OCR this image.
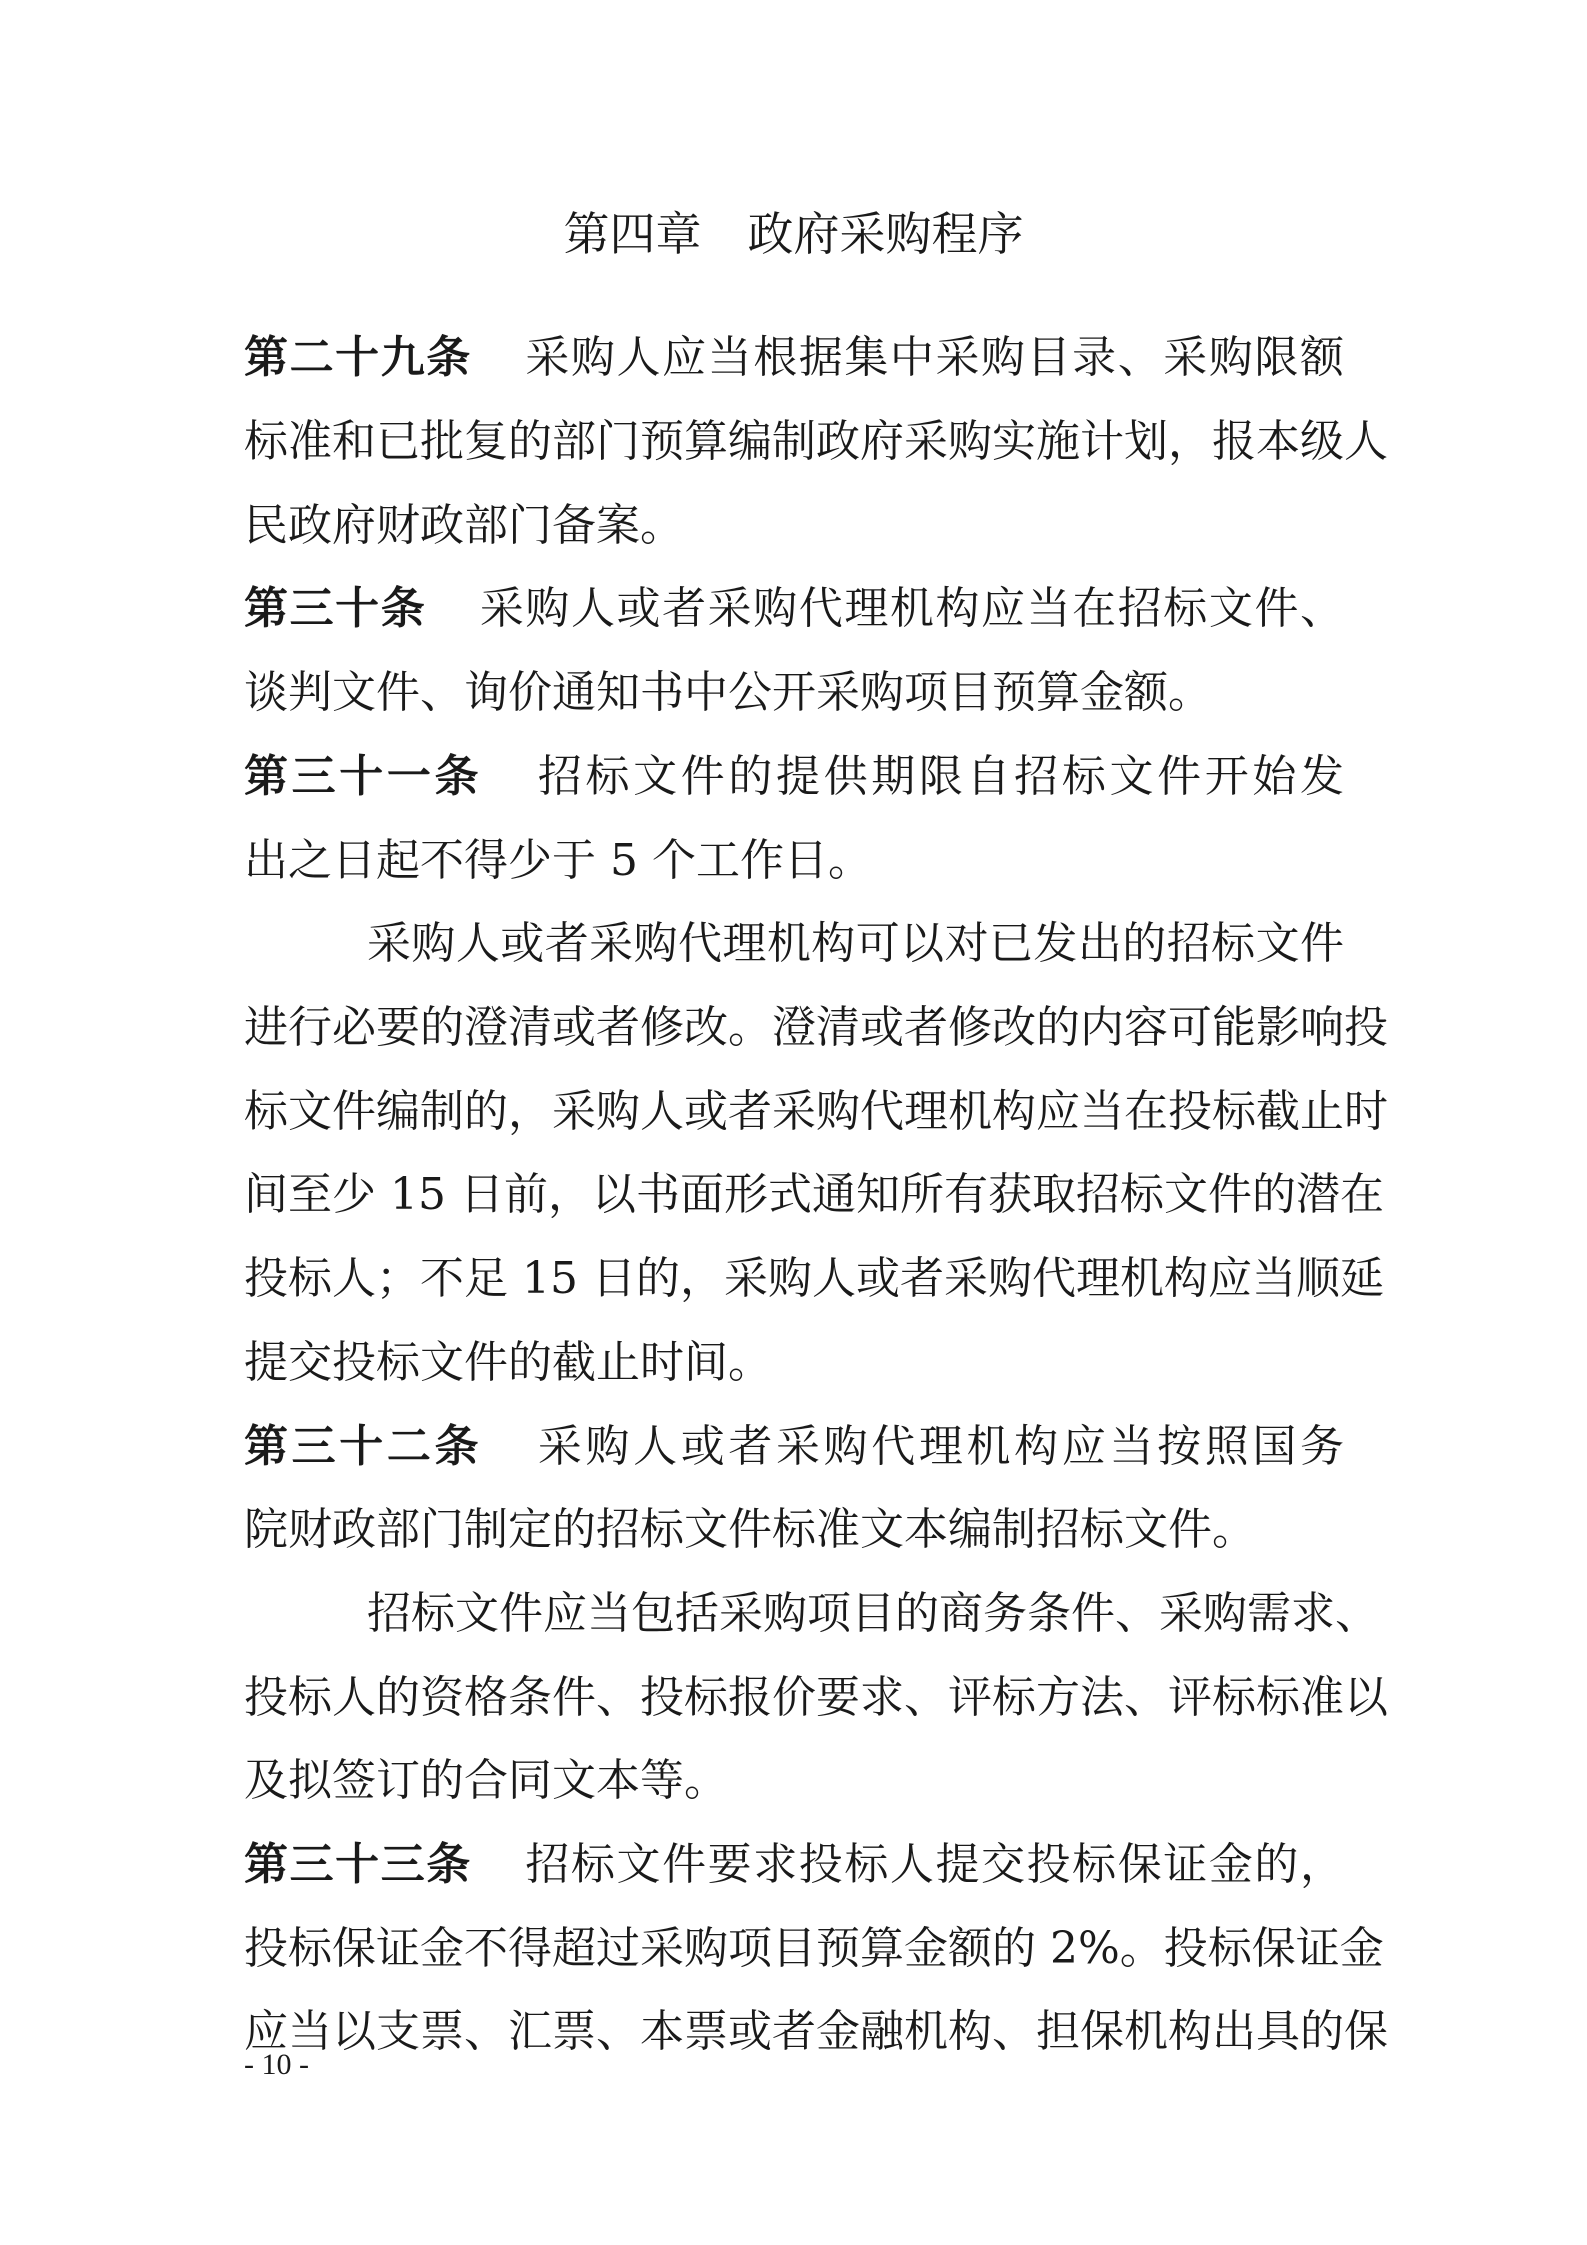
第四章 政府采购程序
第二十九条 采购人应当根据集中采购目录、采购限额
标准和已批复的部门预算编制政府采购实施计划，报本级人
民政府财政部门备案。
第三十条 采购人或者采购代理机构应当在招标文件、
谈判文件、询价通知书中公开采购项目预算金额。
第三十一条 招标文件的提供期限自招标文件开始发
出之日起不得少于 5 个工作日。
采购人或者采购代理机构可以对已发出的招标文件
进行必要的澄清或者修改。澄清或者修改的内容可能影响投
标文件编制的，采购人或者采购代理机构应当在投标截止时
间至少 15 日前，以书面形式通知所有获取招标文件的潜在
投标人；不足 15 日的，采购人或者采购代理机构应当顺延
提交投标文件的截止时间。
第三十二条 采购人或者采购代理机构应当按照国务
院财政部门制定的招标文件标准文本编制招标文件。
招标文件应当包括采购项目的商务条件、采购需求、
投标人的资格条件、投标报价要求、评标方法、评标标准以
及拟签订的合同文本等。
第三十三条 招标文件要求投标人提交投标保证金的，
投标保证金不得超过采购项目预算金额的 2%。投标保证金
应当以支票、汇票、本票或者金融机构、担保机构出具的保
- 10 -
